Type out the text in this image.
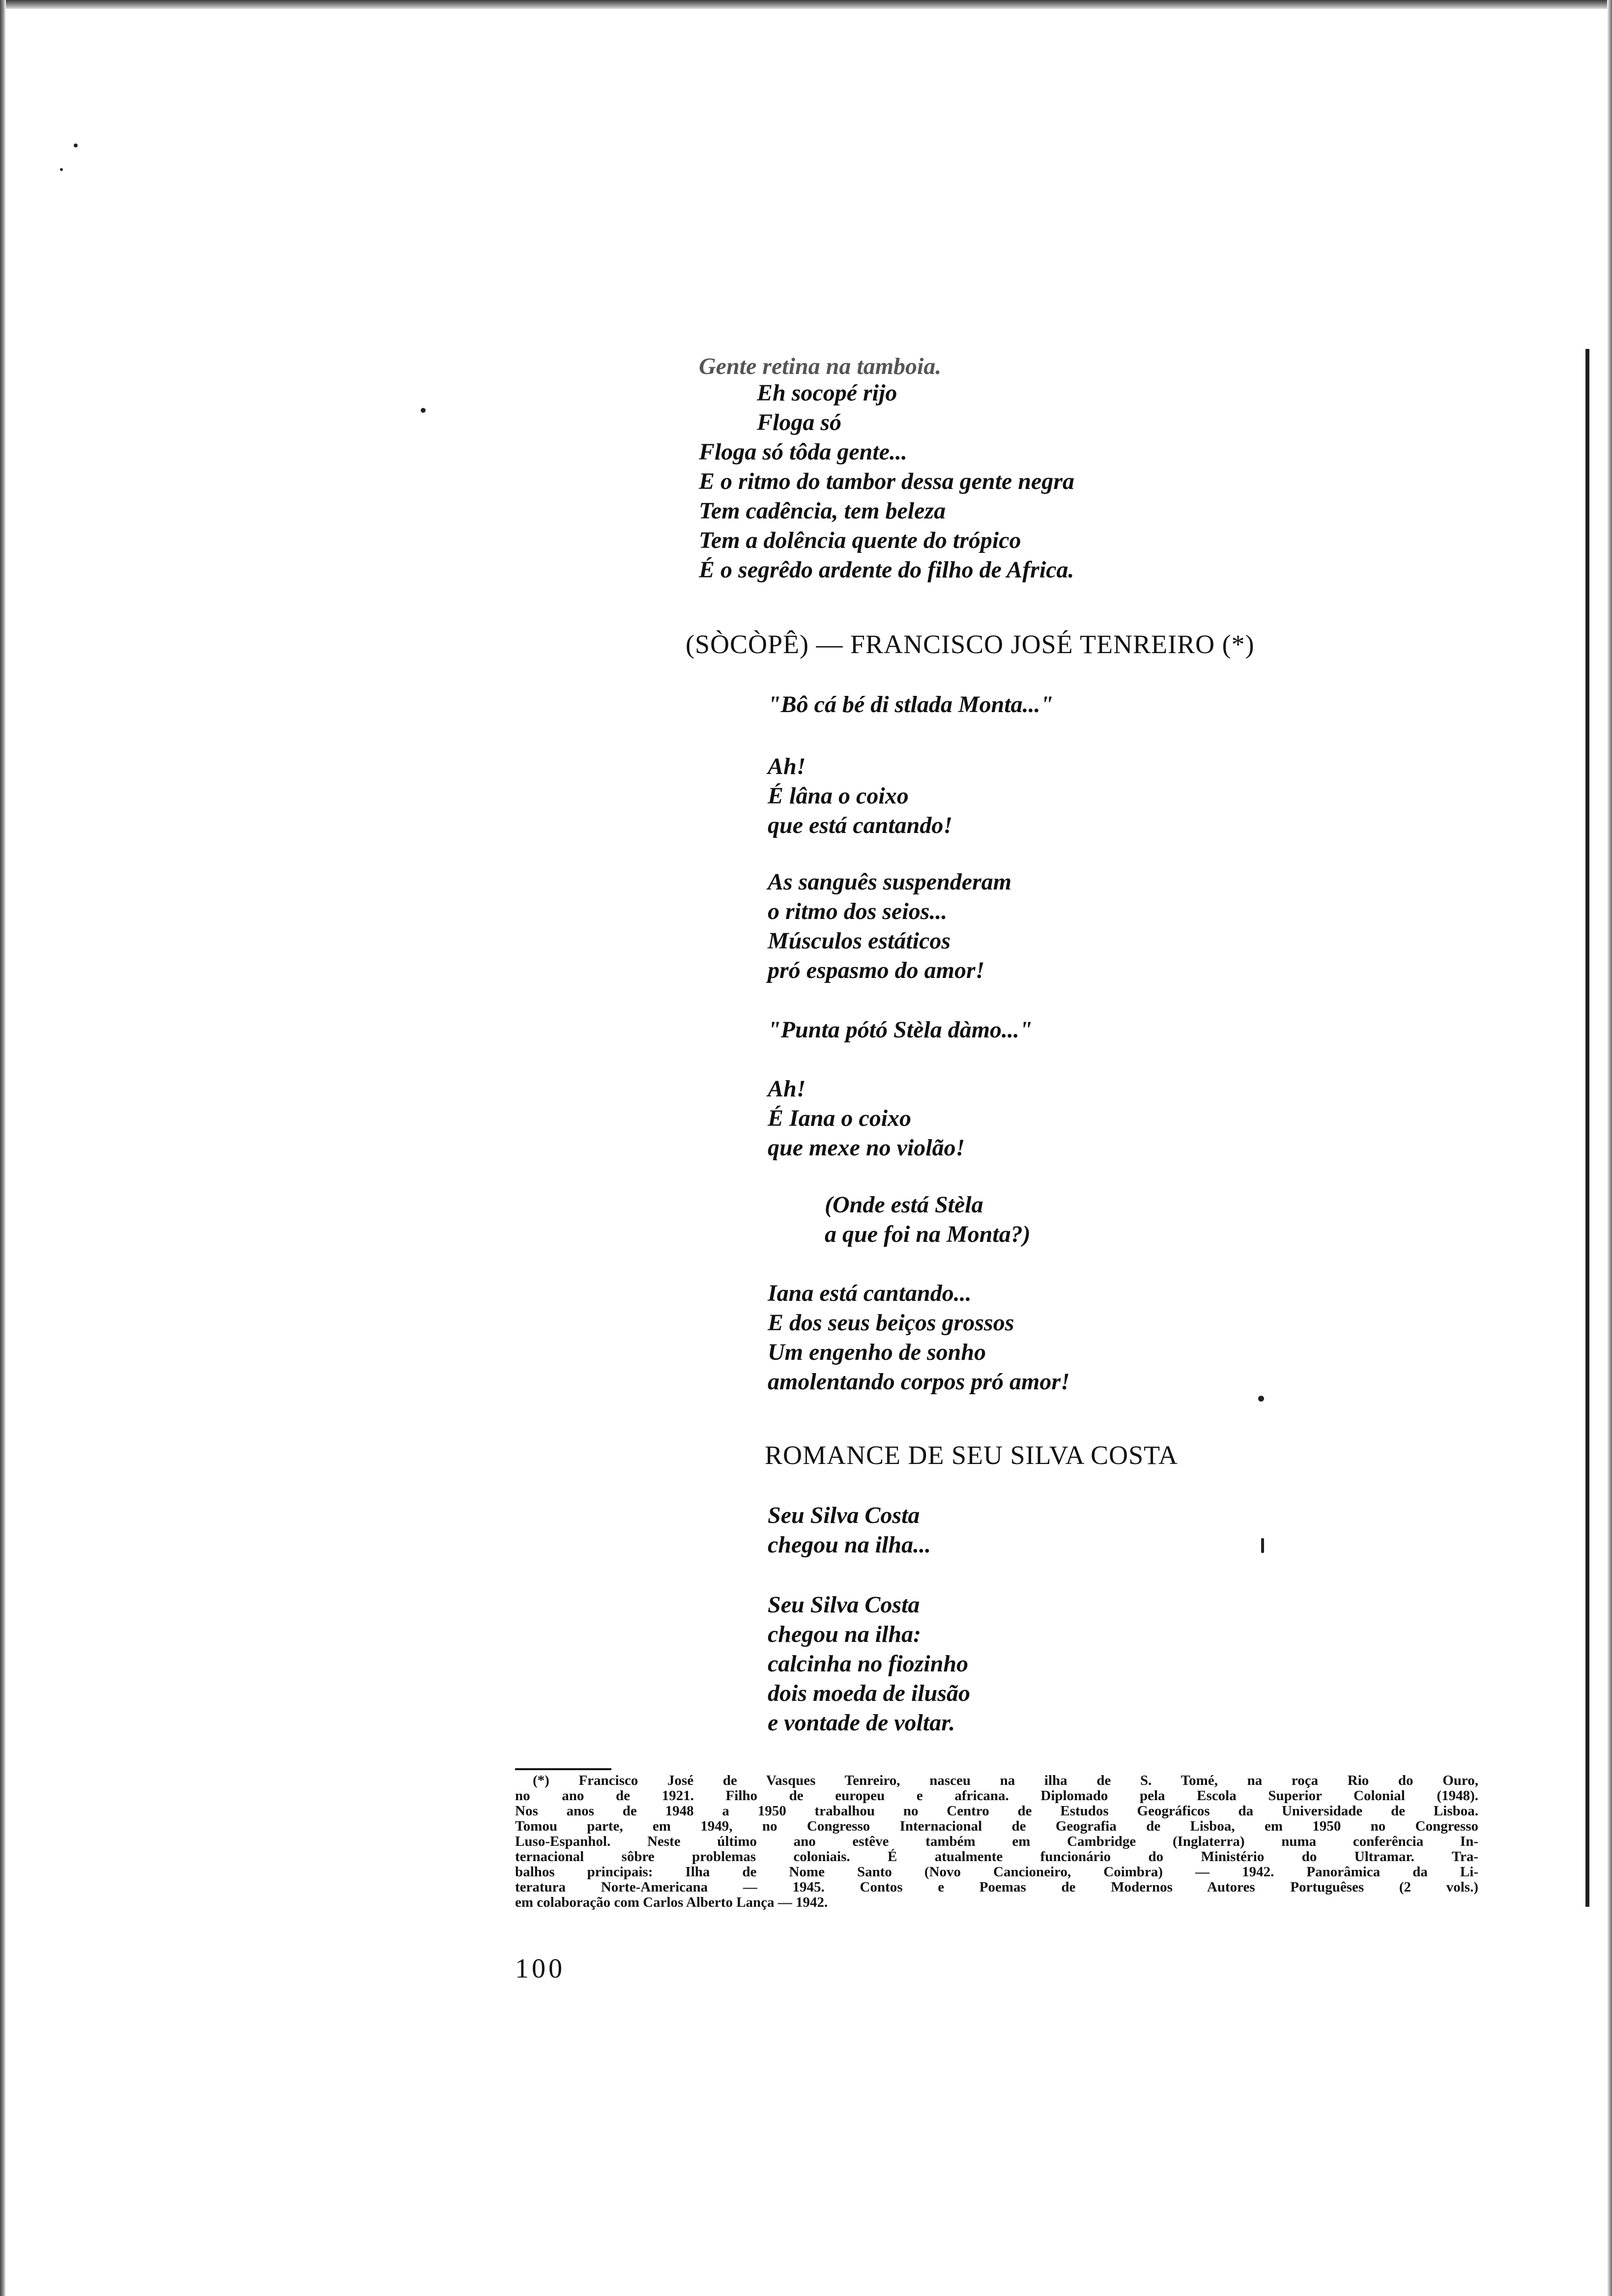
Gente retina na tamboia.
Eh socopé rijo
Floga só
Floga só tôda gente...
E o ritmo do tambor dessa gente negra
Tem cadência, tem beleza
Tem a dolência quente do trópico
É o segrêdo ardente do filho de Africa.
(SÒCÒPÊ) — FRANCISCO JOSÉ TENREIRO (*)
"Bô cá bé di stlada Monta..."
Ah!
É lâna o coixo
que está cantando!
As sanguês suspenderam
o ritmo dos seios...
Músculos estáticos
pró espasmo do amor!
"Punta pótó Stèla dàmo..."
Ah!
É Iana o coixo
que mexe no violão!
(Onde está Stèla
a que foi na Monta?)
Iana está cantando...
E dos seus beiços grossos
Um engenho de sonho
amolentando corpos pró amor!
ROMANCE DE SEU SILVA COSTA
Seu Silva Costa
chegou na ilha...
Seu Silva Costa
chegou na ilha:
calcinha no fiozinho
dois moeda de ilusão
e vontade de voltar.
(*) Francisco José de Vasques Tenreiro, nasceu na ilha de S. Tomé, na roça Rio do Ouro,
no ano de 1921. Filho de europeu e africana. Diplomado pela Escola Superior Colonial (1948).
Nos anos de 1948 a 1950 trabalhou no Centro de Estudos Geográficos da Universidade de Lisboa.
Tomou parte, em 1949, no Congresso Internacional de Geografia de Lisboa, em 1950 no Congresso
Luso-Espanhol. Neste último ano estêve também em Cambridge (Inglaterra) numa conferência In-
ternacional sôbre problemas coloniais. É atualmente funcionário do Ministério do Ultramar. Tra-
balhos principais: Ilha de Nome Santo (Novo Cancioneiro, Coimbra) — 1942. Panorâmica da Li-
teratura Norte-Americana — 1945. Contos e Poemas de Modernos Autores Portuguêses (2 vols.)
em colaboração com Carlos Alberto Lança — 1942.
100
